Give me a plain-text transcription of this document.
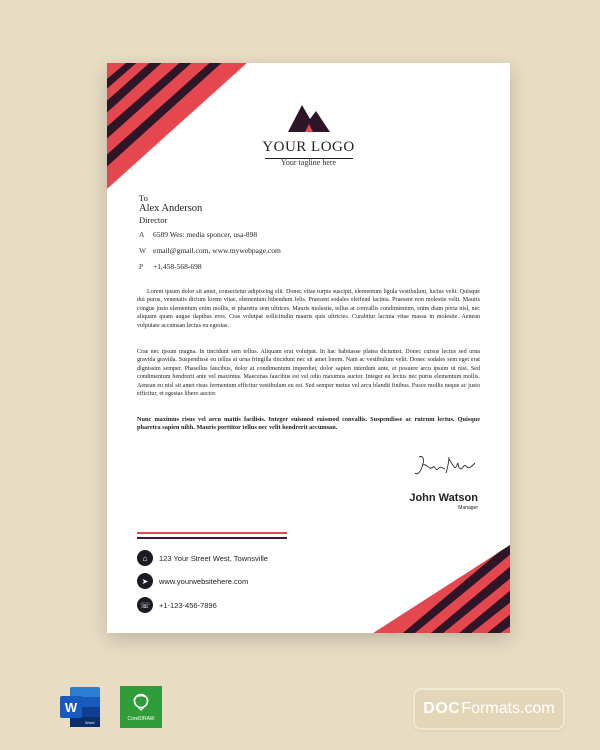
YOUR LOGO
Your tagline here
To
Alex Anderson
Director
A 6589 Wes: media sponcer, usa-898
W email@gmail.com, www.mywebpage.com
P +1,458-568-698

Lorem ipsum dolor sit amet, consectetur adipiscing elit. Donec vitae turpis suscipit, elementum ligula vestibulum, luctus velit. Quisque dui purus, venenatis dictum lorem vitae, elementum bibendum felis. Praesent sodales eleifend lacinia. Praesent non molestie velit. Mauris congue justo elementum enim mollis, et pharetra sem ultrices. Mauris molestie, tellus at convallis condimentum, enim diam porta nisl, nec aliquam quam augue dapibus eros. Cras volutpat sollicitudin mauris quis ultricies. Curabitur lacinia vitae massa in molestie. Aenean vulputate accumsan lectus eu egestas.

Cras nec ipsum magna. In tincidunt sem tellus. Aliquam erat volutpat. In hac habitasse platea dictumst. Donec cursus lectus sed urna gravida gravida. Suspendisse eu tellus at urna fringilla tincidunt nec sit amet lorem. Nam ac vestibulum velit. Donec sodales sem eget erat dignissim semper. Phasellus faucibus, dolor at condimentum imperdiet, dolor sapien interdum ante, et posuere arcu ipsum ut nisi. Sed condimentum hendrerit ante vel maximus. Maecenas faucibus est vel odio maximus auctor. Integer eu lectus nec purus elementum mollis. Aenean eu nisl sit amet risus fermentum efficitur vestibulum eu est. Sed semper metus vel arcu blandit finibus. Fusce mollis neque ac justo efficitur, et egestas libero auctor.

Nunc maximus risus vel arcu mattis facilisis. Integer euismod euismod convallis. Suspendisse ac rutrum lectus. Quisque pharetra sapien nibh. Mauris porttitor tellus nec velit hendrerit accumsan.

John Watson
Manager
⌂	123 Your Street West, Townsville
➤	www.yourwebsitehere.com
☏	+1-123-456-7896
W
Word
CorelDRAW
DOC Formats.com
